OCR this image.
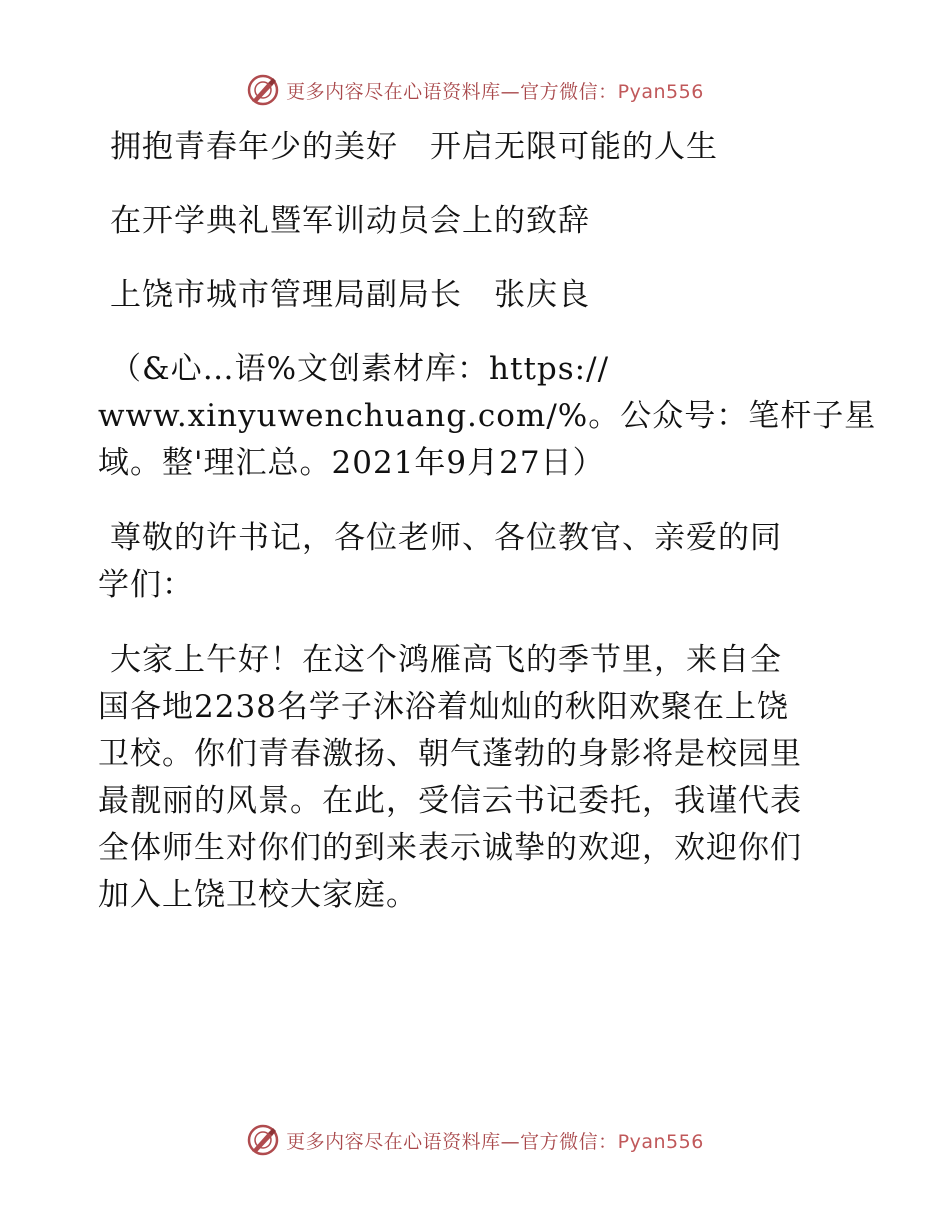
更多内容尽在心语资料库—官方微信：Pyan556
拥抱青春年少的美好　开启无限可能的人生
在开学典礼暨军训动员会上的致辞
上饶市城市管理局副局长　张庆良
（&心…语%文创素材库：https://
www.xinyuwenchuang.com/%。公众号：笔杆子星
域。整'理汇总。2021年9月27日）
尊敬的许书记，各位老师、各位教官、亲爱的同
学们：
大家上午好！在这个鸿雁高飞的季节里，来自全
国各地2238名学子沐浴着灿灿的秋阳欢聚在上饶
卫校。你们青春激扬、朝气蓬勃的身影将是校园里
最靓丽的风景。在此，受信云书记委托，我谨代表
全体师生对你们的到来表示诚挚的欢迎，欢迎你们
加入上饶卫校大家庭。
更多内容尽在心语资料库—官方微信：Pyan556
